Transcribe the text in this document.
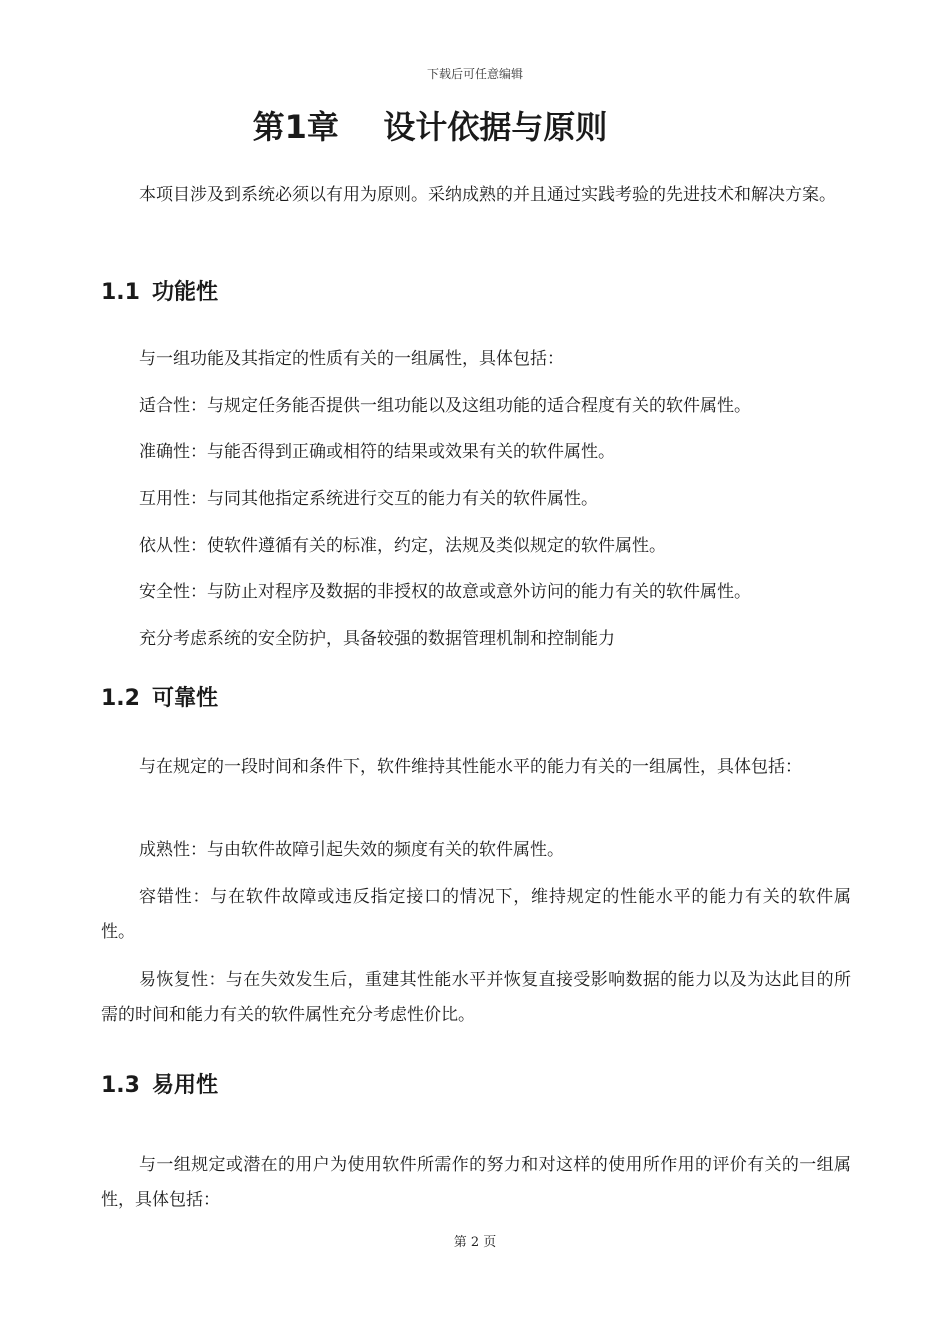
下载后可任意编辑
第1章    设计依据与原则
本项目涉及到系统必须以有用为原则。采纳成熟的并且通过实践考验的先进技术和解决方案。
1.1 功能性
与一组功能及其指定的性质有关的一组属性，具体包括：
适合性：与规定任务能否提供一组功能以及这组功能的适合程度有关的软件属性。
准确性：与能否得到正确或相符的结果或效果有关的软件属性。
互用性：与同其他指定系统进行交互的能力有关的软件属性。
依从性：使软件遵循有关的标准，约定，法规及类似规定的软件属性。
安全性：与防止对程序及数据的非授权的故意或意外访问的能力有关的软件属性。
充分考虑系统的安全防护，具备较强的数据管理机制和控制能力
1.2 可靠性
与在规定的一段时间和条件下，软件维持其性能水平的能力有关的一组属性，具体包括：
成熟性：与由软件故障引起失效的频度有关的软件属性。
容错性：与在软件故障或违反指定接口的情况下，维持规定的性能水平的能力有关的软件属性。
易恢复性：与在失效发生后，重建其性能水平并恢复直接受影响数据的能力以及为达此目的所需的时间和能力有关的软件属性充分考虑性价比。
1.3 易用性
与一组规定或潜在的用户为使用软件所需作的努力和对这样的使用所作用的评价有关的一组属性，具体包括：
第 2 页
